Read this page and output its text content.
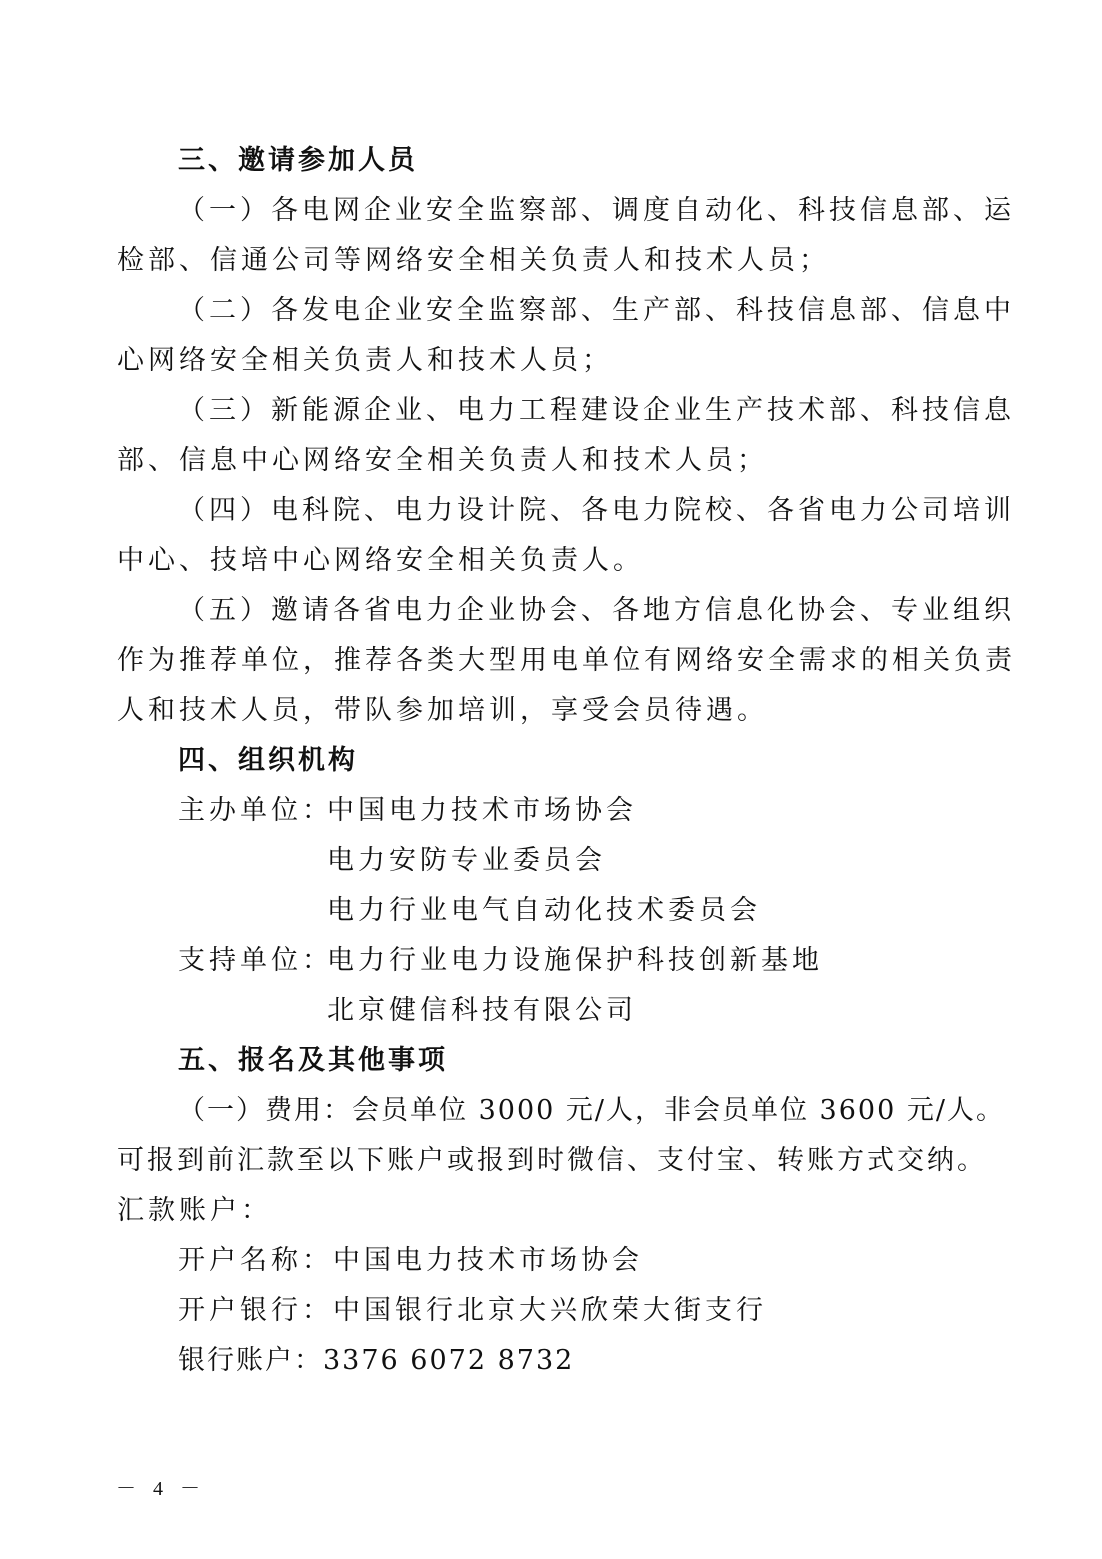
三、邀请参加人员
（一）各电网企业安全监察部、调度自动化、科技信息部、运
检部、信通公司等网络安全相关负责人和技术人员；
（二）各发电企业安全监察部、生产部、科技信息部、信息中
心网络安全相关负责人和技术人员；
（三）新能源企业、电力工程建设企业生产技术部、科技信息
部、信息中心网络安全相关负责人和技术人员；
（四）电科院、电力设计院、各电力院校、各省电力公司培训
中心、技培中心网络安全相关负责人。
（五）邀请各省电力企业协会、各地方信息化协会、专业组织
作为推荐单位，推荐各类大型用电单位有网络安全需求的相关负责
人和技术人员，带队参加培训，享受会员待遇。
四、组织机构
主办单位：
中国电力技术市场协会
电力安防专业委员会
电力行业电气自动化技术委员会
支持单位：
电力行业电力设施保护科技创新基地
北京健信科技有限公司
五、报名及其他事项
（一）费用：会员单位 3000 元/人，非会员单位 3600 元/人。
可报到前汇款至以下账户或报到时微信、支付宝、转账方式交纳。
汇款账户：
开户名称：中国电力技术市场协会
开户银行：中国银行北京大兴欣荣大街支行
银行账户：3376 6072 8732
－ 4 －
